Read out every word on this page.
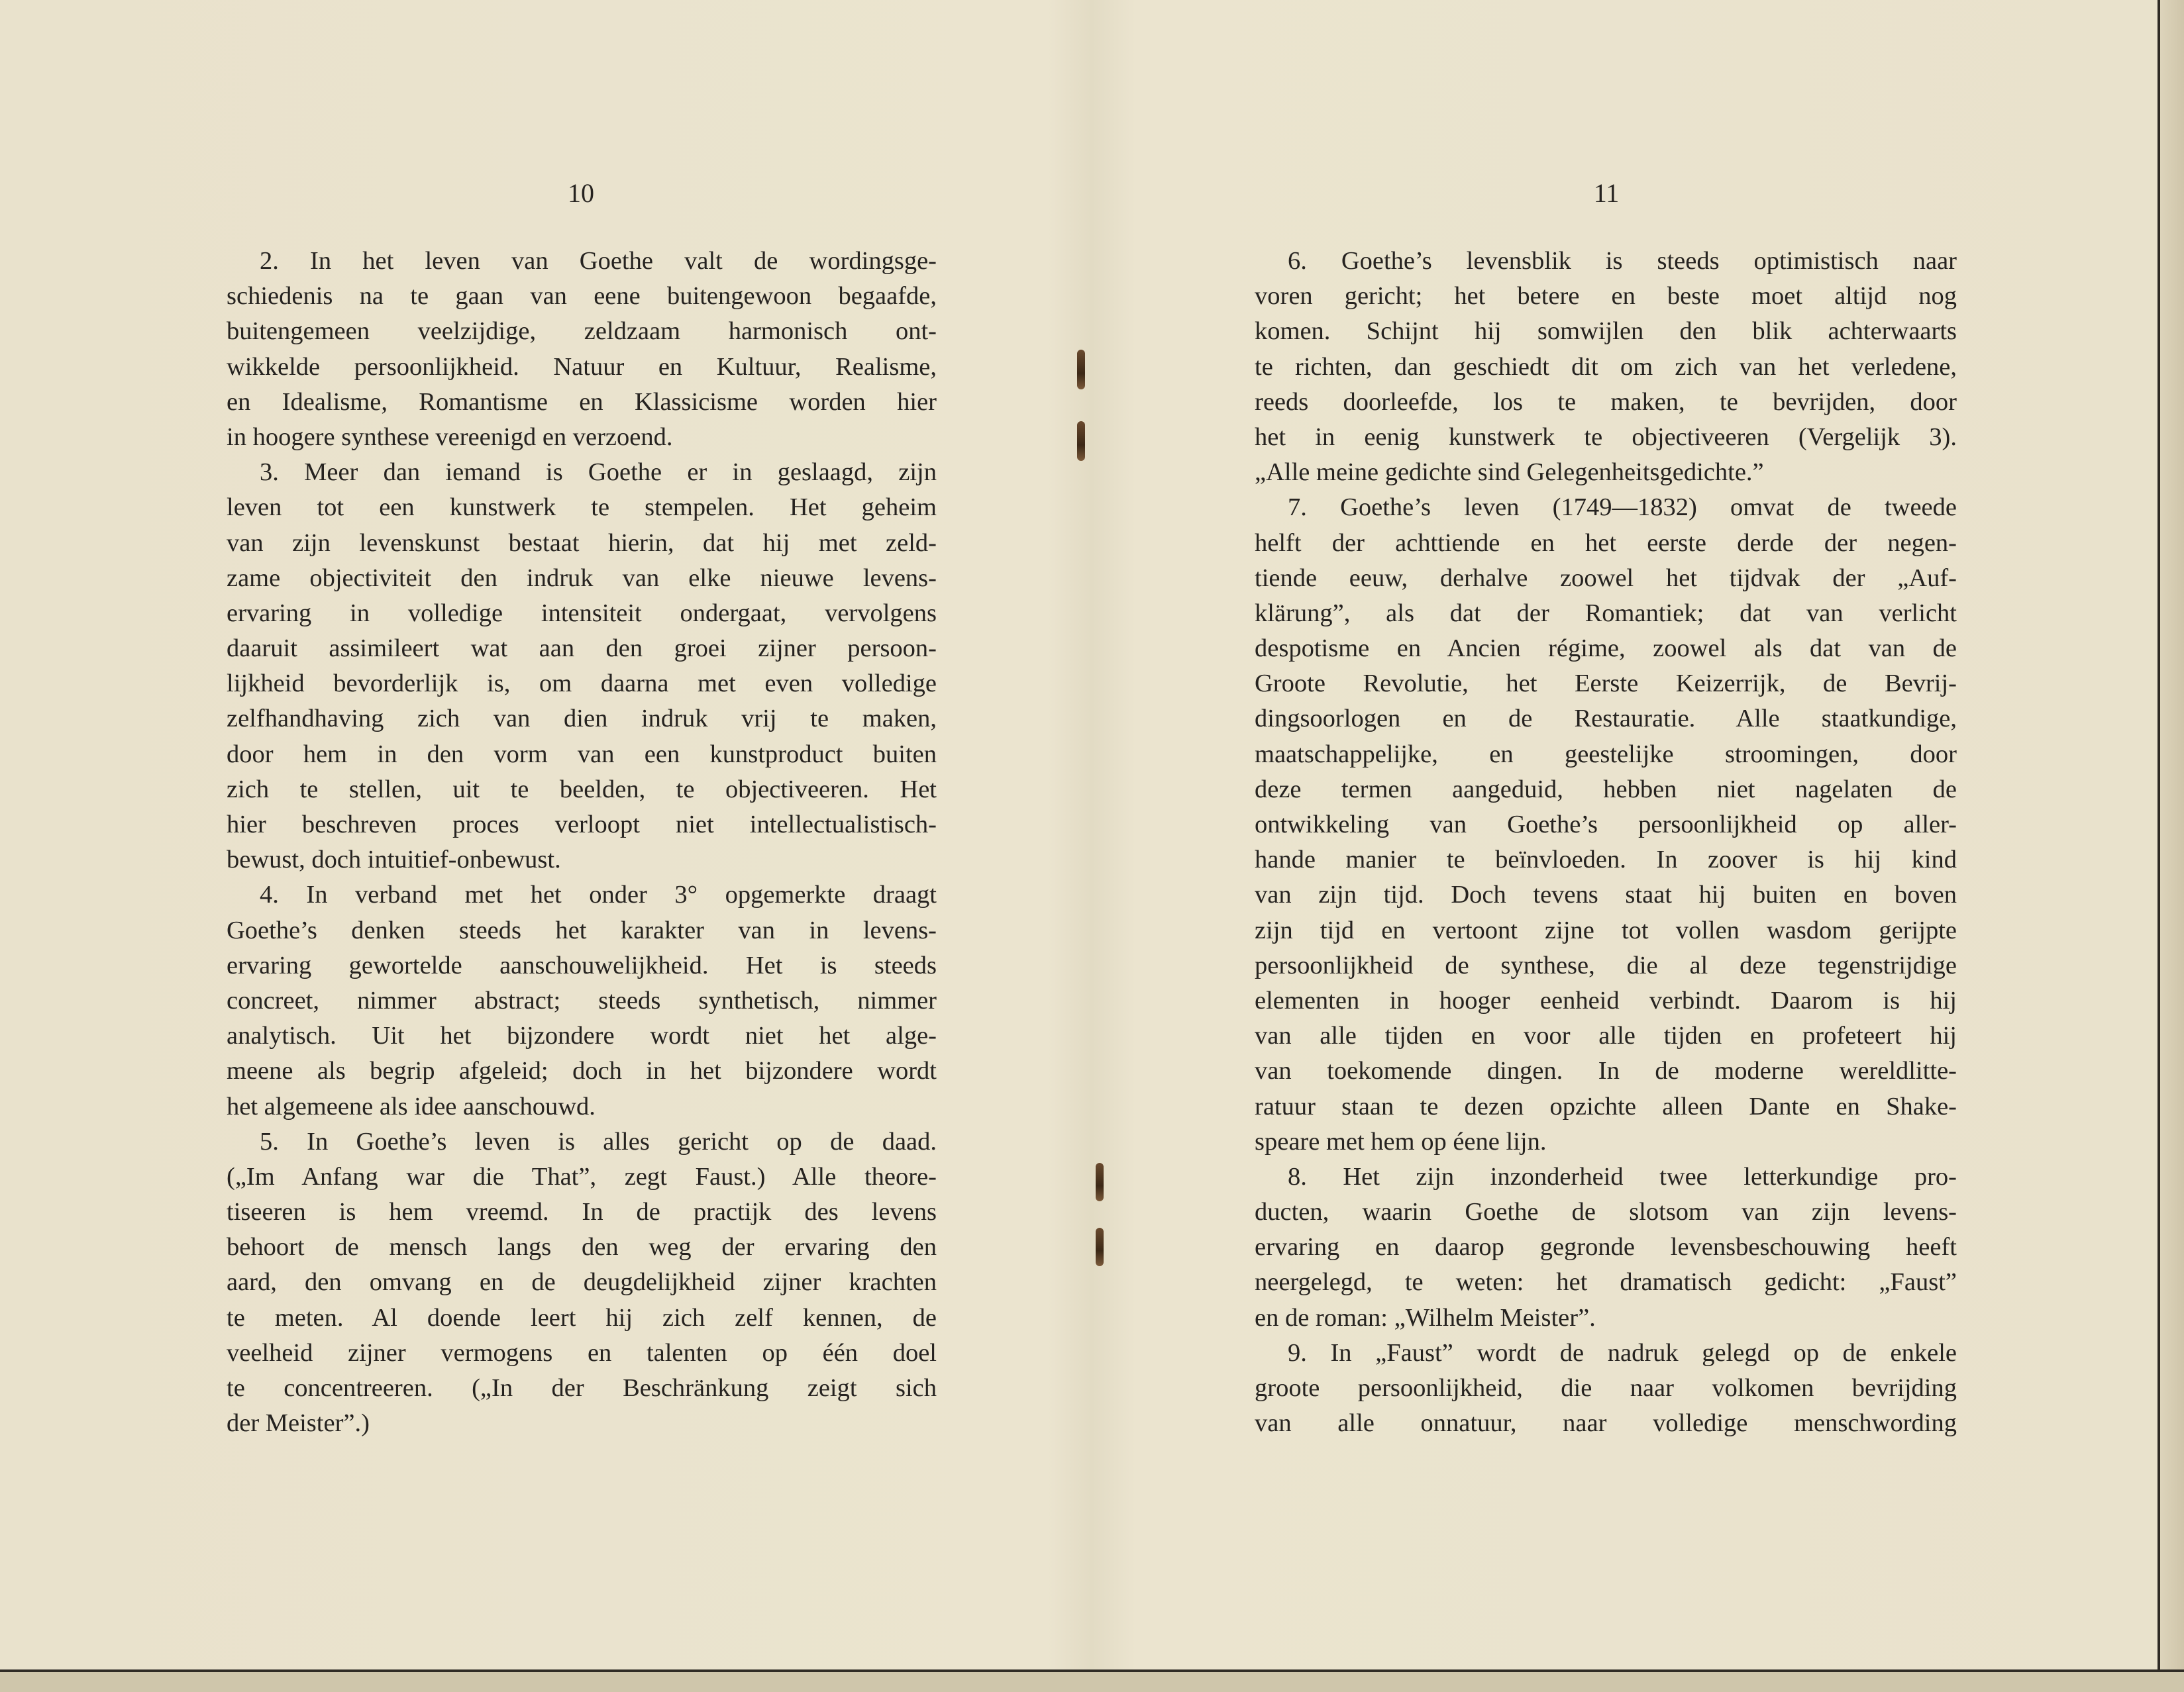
10
2. In het leven van Goethe valt de wordingsge-
schiedenis na te gaan van eene buitengewoon begaafde,
buitengemeen veelzijdige, zeldzaam harmonisch ont-
wikkelde persoonlijkheid. Natuur en Kultuur, Realisme,
en Idealisme, Romantisme en Klassicisme worden hier
in hoogere synthese vereenigd en verzoend.
3. Meer dan iemand is Goethe er in geslaagd, zijn
leven tot een kunstwerk te stempelen. Het geheim
van zijn levenskunst bestaat hierin, dat hij met zeld-
zame objectiviteit den indruk van elke nieuwe levens-
ervaring in volledige intensiteit ondergaat, vervolgens
daaruit assimileert wat aan den groei zijner persoon-
lijkheid bevorderlijk is, om daarna met even volledige
zelfhandhaving zich van dien indruk vrij te maken,
door hem in den vorm van een kunstproduct buiten
zich te stellen, uit te beelden, te objectiveeren. Het
hier beschreven proces verloopt niet intellectualistisch-
bewust, doch intuitief-onbewust.
4. In verband met het onder 3° opgemerkte draagt
Goethe’s denken steeds het karakter van in levens-
ervaring gewortelde aanschouwelijkheid. Het is steeds
concreet, nimmer abstract; steeds synthetisch, nimmer
analytisch. Uit het bijzondere wordt niet het alge-
meene als begrip afgeleid; doch in het bijzondere wordt
het algemeene als idee aanschouwd.
5. In Goethe’s leven is alles gericht op de daad.
(„Im Anfang war die That”, zegt Faust.) Alle theore-
tiseeren is hem vreemd. In de practijk des levens
behoort de mensch langs den weg der ervaring den
aard, den omvang en de deugdelijkheid zijner krachten
te meten. Al doende leert hij zich zelf kennen, de
veelheid zijner vermogens en talenten op één doel
te concentreeren. („In der Beschränkung zeigt sich
der Meister”.)
11
6. Goethe’s levensblik is steeds optimistisch naar
voren gericht; het betere en beste moet altijd nog
komen. Schijnt hij somwijlen den blik achterwaarts
te richten, dan geschiedt dit om zich van het verledene,
reeds doorleefde, los te maken, te bevrijden, door
het in eenig kunstwerk te objectiveeren (Vergelijk 3).
„Alle meine gedichte sind Gelegenheitsgedichte.”
7. Goethe’s leven (1749—1832) omvat de tweede
helft der achttiende en het eerste derde der negen-
tiende eeuw, derhalve zoowel het tijdvak der „Auf-
klärung”, als dat der Romantiek; dat van verlicht
despotisme en Ancien régime, zoowel als dat van de
Groote Revolutie, het Eerste Keizerrijk, de Bevrij-
dingsoorlogen en de Restauratie. Alle staatkundige,
maatschappelijke, en geestelijke stroomingen, door
deze termen aangeduid, hebben niet nagelaten de
ontwikkeling van Goethe’s persoonlijkheid op aller-
hande manier te beïnvloeden. In zoover is hij kind
van zijn tijd. Doch tevens staat hij buiten en boven
zijn tijd en vertoont zijne tot vollen wasdom gerijpte
persoonlijkheid de synthese, die al deze tegenstrijdige
elementen in hooger eenheid verbindt. Daarom is hij
van alle tijden en voor alle tijden en profeteert hij
van toekomende dingen. In de moderne wereldlitte-
ratuur staan te dezen opzichte alleen Dante en Shake-
speare met hem op éene lijn.
8. Het zijn inzonderheid twee letterkundige pro-
ducten, waarin Goethe de slotsom van zijn levens-
ervaring en daarop gegronde levensbeschouwing heeft
neergelegd, te weten: het dramatisch gedicht: „Faust”
en de roman: „Wilhelm Meister”.
9. In „Faust” wordt de nadruk gelegd op de enkele
groote persoonlijkheid, die naar volkomen bevrijding
van alle onnatuur, naar volledige menschwording
